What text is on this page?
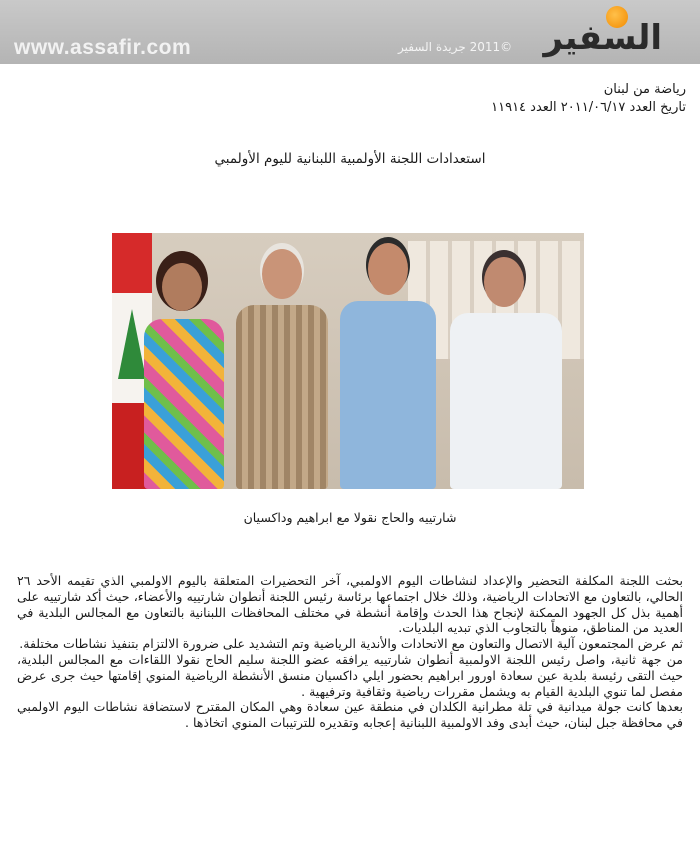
www.assafir.com	©2011 جريدة السفير السفير
رياضة من لبنان
تاريخ العدد ٢٠١١/٠٦/١٧ العدد ١١٩١٤
استعدادات اللجنة الأولمبية اللبنانية لليوم الأولمبي
شارتييه والحاج نقولا مع ابراهيم وداكسيان

بحثت اللجنة المكلفة التحضير والإعداد لنشاطات اليوم الاولمبي، آخر التحضيرات المتعلقة باليوم الاولمبي الذي تقيمه الأحد ٢٦ الحالي، بالتعاون مع الاتحادات الرياضية، وذلك خلال اجتماعها برئاسة رئيس اللجنة أنطوان شارتييه والأعضاء، حيث أكد شارتييه على أهمية بذل كل الجهود الممكنة لإنجاح هذا الحدث وإقامة أنشطة في مختلف المحافظات اللبنانية بالتعاون مع المجالس البلدية في العديد من المناطق، منوهاً بالتجاوب الذي تبديه البلديات.

ثم عرض المجتمعون آلية الاتصال والتعاون مع الاتحادات والأندية الرياضية وتم التشديد على ضرورة الالتزام بتنفيذ نشاطات مختلفة.

من جهة ثانية، واصل رئيس اللجنة الاولمبية أنطوان شارتييه يرافقه عضو اللجنة سليم الحاج نقولا اللقاءات مع المجالس البلدية، حيث التقى رئيسة بلدية عين سعادة اورور ابراهيم بحضور ايلي داكسيان منسق الأنشطة الرياضية المنوي إقامتها حيث جرى عرض مفصل لما تنوي البلدية القيام به ويشمل مقررات رياضية وثقافية وترفيهية .

بعدها كانت جولة ميدانية في تلة مطرانية الكلدان في منطقة عين سعادة وهي المكان المقترح لاستضافة نشاطات اليوم الاولمبي في محافظة جبل لبنان، حيث أبدى وفد الاولمبية اللبنانية إعجابه وتقديره للترتيبات المنوي اتخاذها .
